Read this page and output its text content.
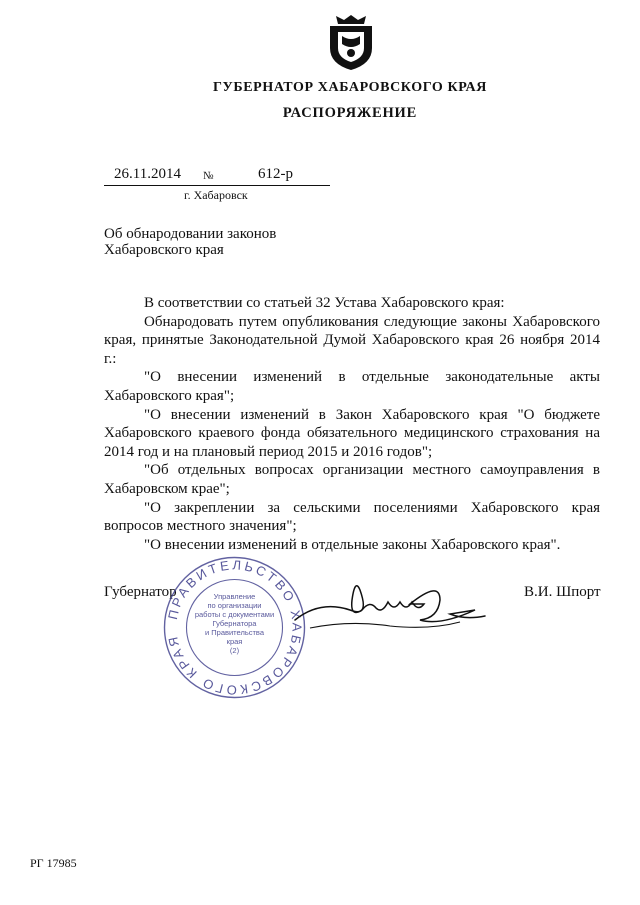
ГУБЕРНАТОР ХАБАРОВСКОГО КРАЯ
РАСПОРЯЖЕНИЕ
26.11.2014 №	612-р
г. Хабаровск
Об обнародовании законов
Хабаровского края

В соответствии со статьей 32 Устава Хабаровского края:

Обнародовать путем опубликования следующие законы Хабаровского края, принятые Законодательной Думой Хабаровского края 26 ноября 2014 г.:

"О внесении изменений в отдельные законодательные акты Хабаровского края";

"О внесении изменений в Закон Хабаровского края "О бюджете Хабаровского краевого фонда обязательного медицинского страхования на 2014 год и на плановый период 2015 и 2016 годов";

"Об отдельных вопросах организации местного самоуправления в Хабаровском крае";

"О закреплении за сельскими поселениями Хабаровского края вопросов местного значения";

"О внесении изменений в отдельные законы Хабаровского края".

Губернатор
ПРАВИТЕЛЬСТВО ХАБАРОВСКОГО КРАЯ
Управление
по организации
работы с документами
Губернатора
и Правительства
края
(2)
В.И. Шпорт
РГ 17985
